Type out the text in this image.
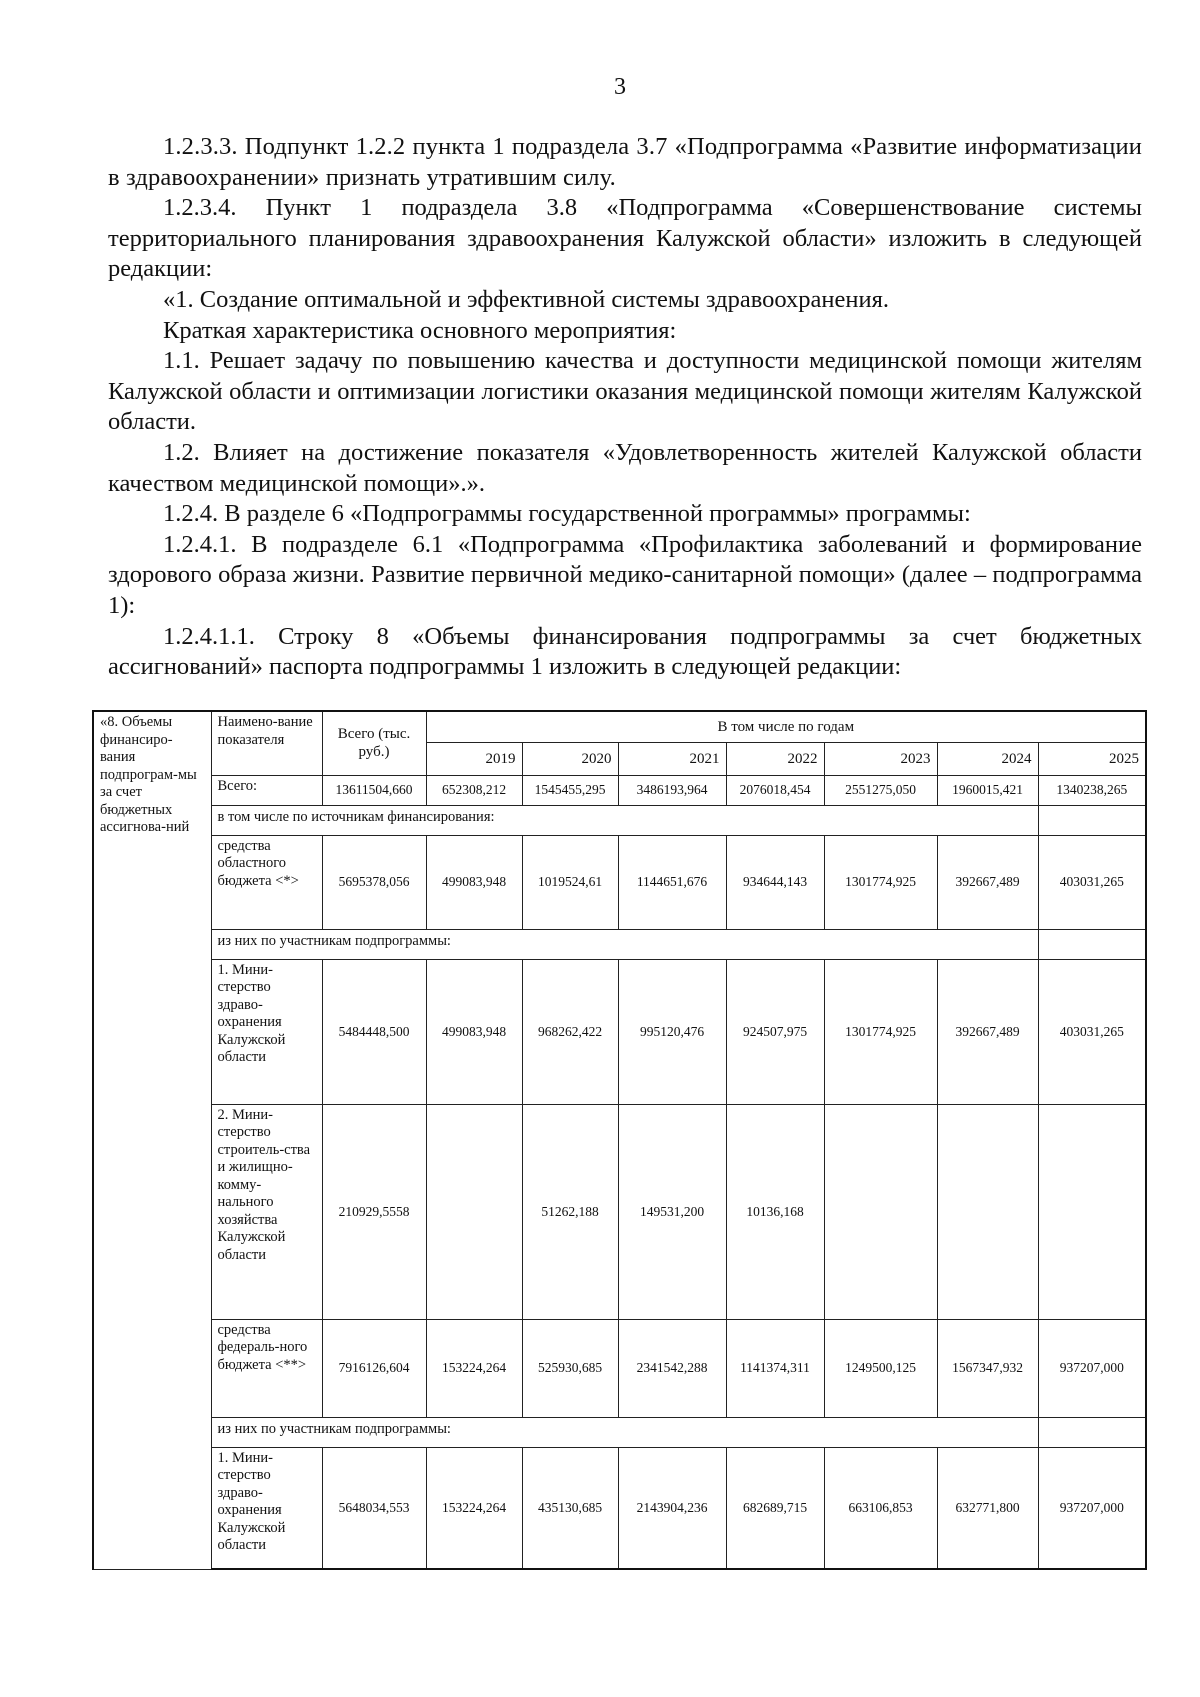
3

1.2.3.3. Подпункт 1.2.2 пункта 1 подраздела 3.7 «Подпрограмма «Развитие информатизации в здравоохранении» признать утратившим силу.

1.2.3.4. Пункт 1 подраздела 3.8 «Подпрограмма «Совершенствование системы территориального планирования здравоохранения Калужской области» изложить в следующей редакции:

«1. Создание оптимальной и эффективной системы здравоохранения.

Краткая характеристика основного мероприятия:

1.1. Решает задачу по повышению качества и доступности медицинской помощи жителям Калужской области и оптимизации логистики оказания медицинской помощи жителям Калужской области.

1.2. Влияет на достижение показателя «Удовлетворенность жителей Калужской области качеством медицинской помощи».».

1.2.4. В разделе 6 «Подпрограммы государственной программы» программы:

1.2.4.1. В подразделе 6.1 «Подпрограмма «Профилактика заболеваний и формирование здорового образа жизни. Развитие первичной медико-санитарной помощи» (далее – подпрограмма 1):

1.2.4.1.1. Строку 8 «Объемы финансирования подпрограммы за счет бюджетных ассигнований» паспорта подпрограммы 1 изложить в следующей редакции:

«8. Объемы финансиро-вания подпрограм-мы за счет бюджетных ассигнова-ний	Наимено-вание показателя	Всего (тыс. руб.)	В том числе по годам						
			2019	2020	2021	2022	2023	2024	2025
	Всего:	13611504,660	652308,212	1545455,295	3486193,964	2076018,454	2551275,050	1960015,421	1340238,265
	в том числе по источникам финансирования:								
	средства областного бюджета <*>	5695378,056	499083,948	1019524,61	1144651,676	934644,143	1301774,925	392667,489	403031,265
	из них по участникам подпрограммы:								
	1. Мини-стерство здраво-охранения Калужской области	5484448,500	499083,948	968262,422	995120,476	924507,975	1301774,925	392667,489	403031,265
	2. Мини-стерство строитель-ства и жилищно-комму-нального хозяйства Калужской области	210929,5558		51262,188	149531,200	10136,168			
	средства федераль-ного бюджета <**>	7916126,604	153224,264	525930,685	2341542,288	1141374,311	1249500,125	1567347,932	937207,000
	из них по участникам подпрограммы:								
	1. Мини-стерство здраво-охранения Калужской области	5648034,553	153224,264	435130,685	2143904,236	682689,715	663106,853	632771,800	937207,000
